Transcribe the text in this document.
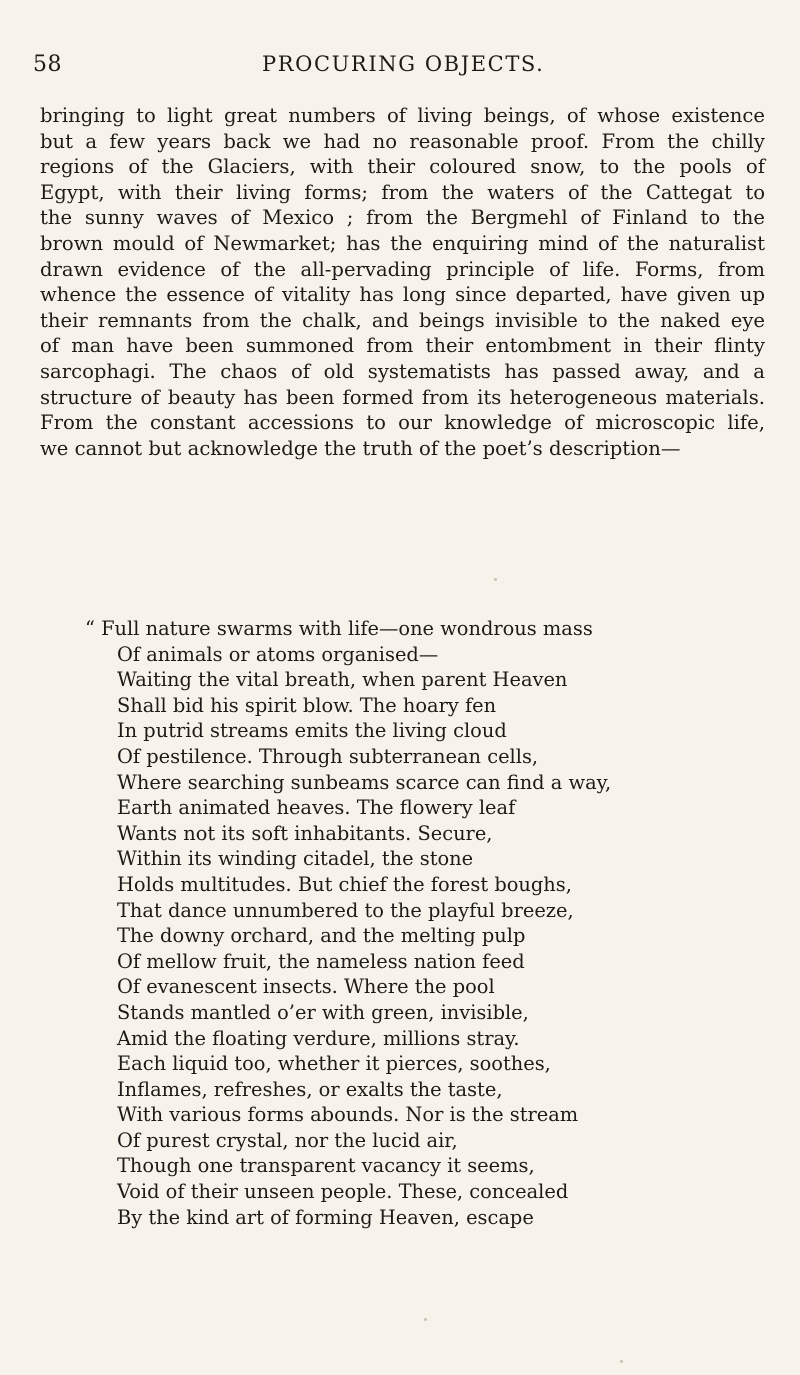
58	PROCURING OBJECTS.
bringing to light great numbers of living beings, of whose existence
but a few years back we had no reasonable proof. From the chilly
regions of the Glaciers, with their coloured snow, to the pools of
Egypt, with their living forms; from the waters of the Cattegat to
the sunny waves of Mexico ; from the Bergmehl of Finland to the
brown mould of Newmarket; has the enquiring mind of the naturalist
drawn evidence of the all-pervading principle of life. Forms, from
whence the essence of vitality has long since departed, have given up
their remnants from the chalk, and beings invisible to the naked eye
of man have been summoned from their entombment in their flinty
sarcophagi. The chaos of old systematists has passed away, and a
structure of beauty has been formed from its heterogeneous materials.
From the constant accessions to our knowledge of microscopic life,
we cannot but acknowledge the truth of the poet’s description—
“ Full nature swarms with life—one wondrous mass
Of animals or atoms organised—
Waiting the vital breath, when parent Heaven
Shall bid his spirit blow. The hoary fen
In putrid streams emits the living cloud
Of pestilence. Through subterranean cells,
Where searching sunbeams scarce can find a way,
Earth animated heaves. The flowery leaf
Wants not its soft inhabitants. Secure,
Within its winding citadel, the stone
Holds multitudes. But chief the forest boughs,
That dance unnumbered to the playful breeze,
The downy orchard, and the melting pulp
Of mellow fruit, the nameless nation feed
Of evanescent insects. Where the pool
Stands mantled o’er with green, invisible,
Amid the floating verdure, millions stray.
Each liquid too, whether it pierces, soothes,
Inflames, refreshes, or exalts the taste,
With various forms abounds. Nor is the stream
Of purest crystal, nor the lucid air,
Though one transparent vacancy it seems,
Void of their unseen people. These, concealed
By the kind art of forming Heaven, escape
